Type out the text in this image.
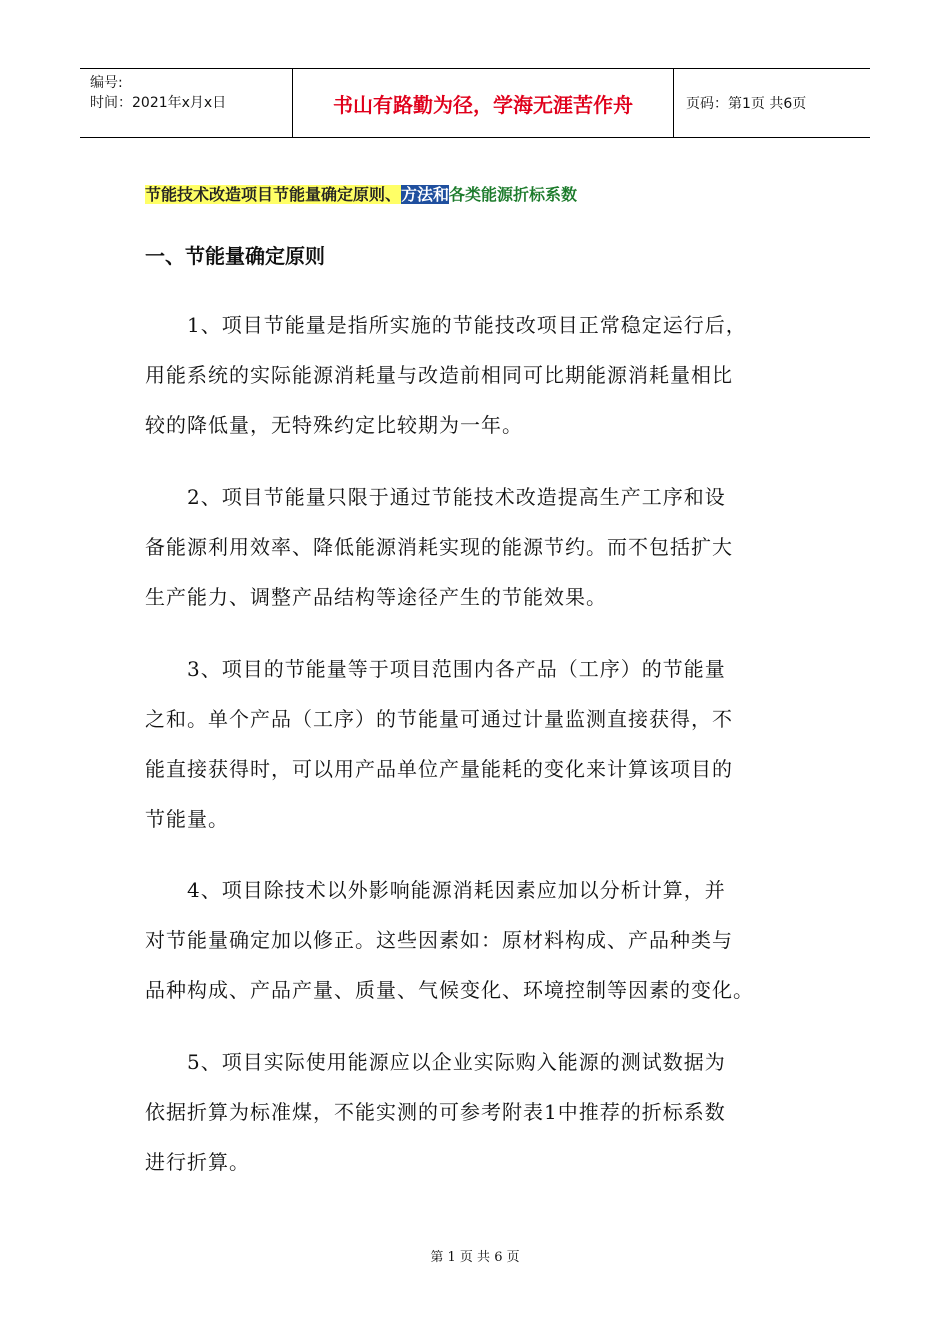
编号:
时间：2021年x月x日	书山有路勤为径，学海无涯苦作舟	页码：第1页 共6页
节能技术改造项目节能量确定原则、方法和各类能源折标系数
一、节能量确定原则
1、项目节能量是指所实施的节能技改项目正常稳定运行后，
用能系统的实际能源消耗量与改造前相同可比期能源消耗量相比
较的降低量，无特殊约定比较期为一年。
2、项目节能量只限于通过节能技术改造提高生产工序和设
备能源利用效率、降低能源消耗实现的能源节约。而不包括扩大
生产能力、调整产品结构等途径产生的节能效果。
3、项目的节能量等于项目范围内各产品（工序）的节能量
之和。单个产品（工序）的节能量可通过计量监测直接获得，不
能直接获得时，可以用产品单位产量能耗的变化来计算该项目的
节能量。
4、项目除技术以外影响能源消耗因素应加以分析计算，并
对节能量确定加以修正。这些因素如：原材料构成、产品种类与
品种构成、产品产量、质量、气候变化、环境控制等因素的变化。
5、项目实际使用能源应以企业实际购入能源的测试数据为
依据折算为标准煤，不能实测的可参考附表1中推荐的折标系数
进行折算。
第 1 页 共 6 页
